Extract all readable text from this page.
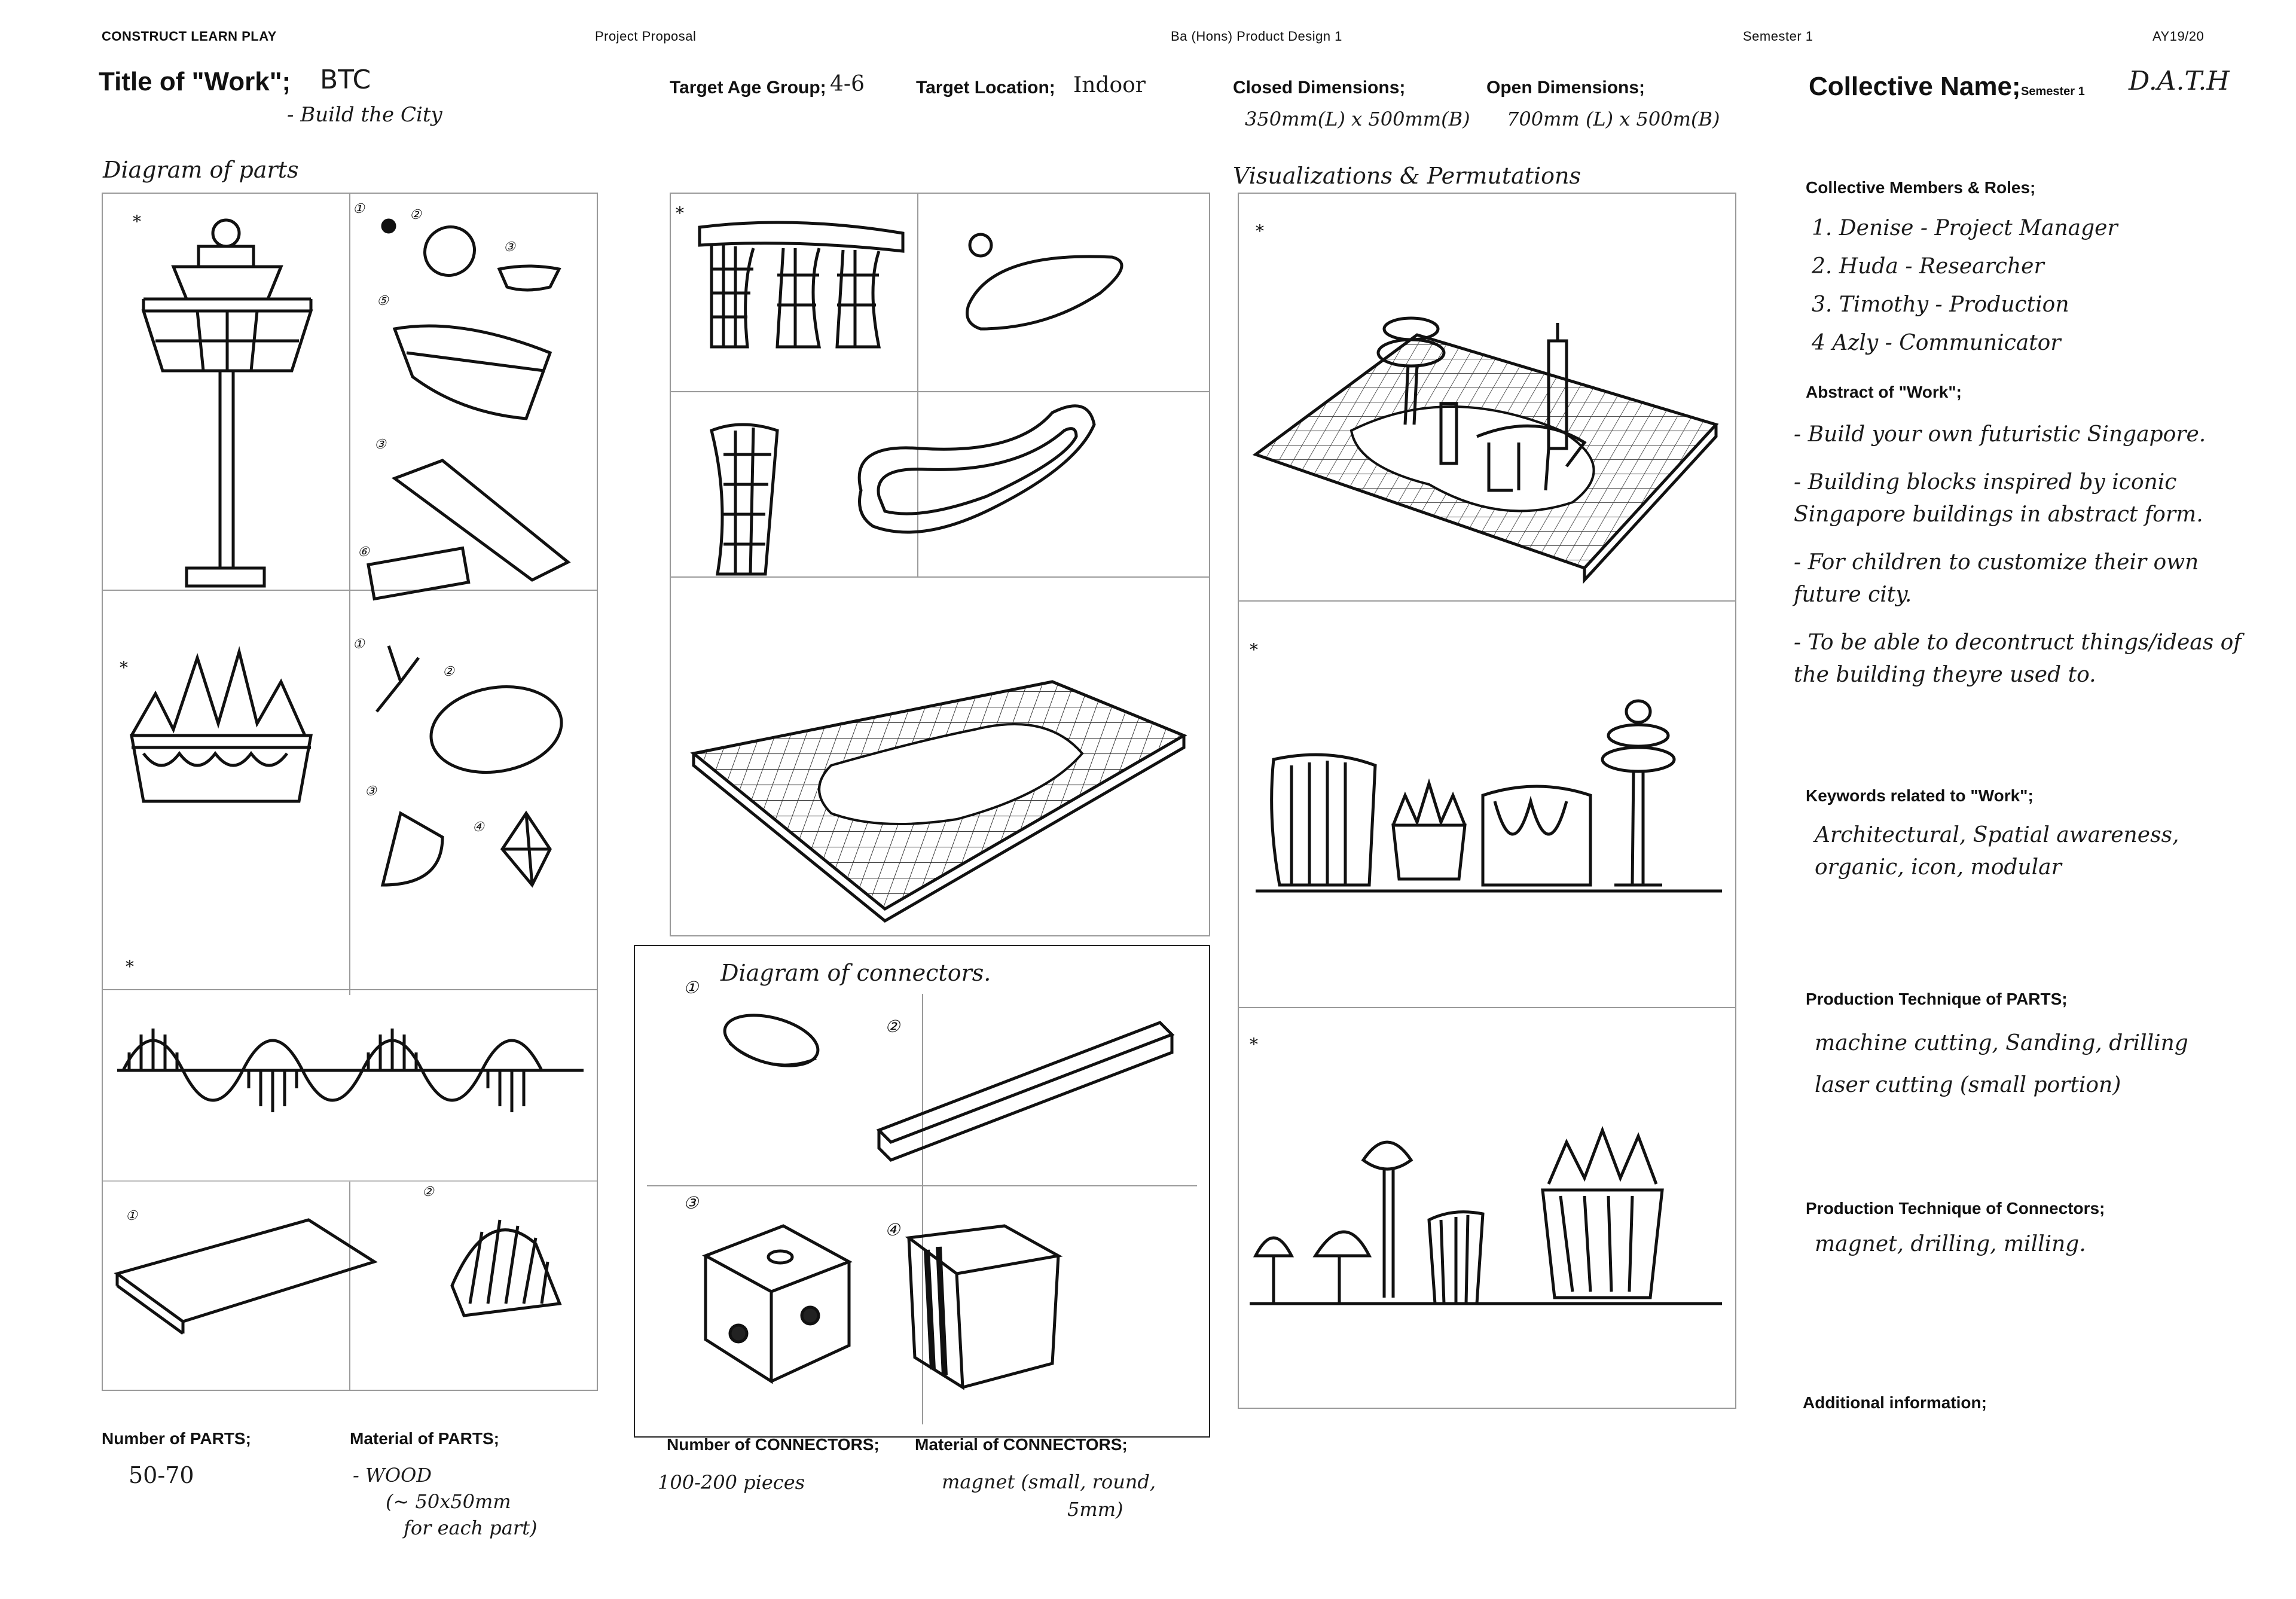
CONSTRUCT LEARN PLAY	Project Proposal	Ba (Hons) Product Design 1	Semester 1	AY19/20
Title of "Work"; BTC
- Build the City
Target Age Group; 4-6	Target Location; Indoor	Closed Dimensions;
350mm(L) x 500mm(B)
Open Dimensions;
700mm (L) x 500m(B)
Collective Name; Semester 1 D.A.T.H
Diagram of parts	Visualizations & Permutations
*
①	②
③
⑤
③
⑥
①
②
③
④
*
*
①
②
*
Diagram of connectors.
①
②
③
④
*
*
*
Collective Members & Roles;

1. Denise - Project Manager

2. Huda - Researcher

3. Timothy - Production

4 Azly - Communicator

Abstract of "Work";

- Build your own futuristic Singapore.

- Building blocks inspired by iconic Singapore buildings in abstract form.

- For children to customize their own future city.

- To be able to decontruct things/ideas of the building theyre used to.

Keywords related to "Work";
Architectural, Spatial awareness, organic, icon, modular
Production Technique of PARTS;
machine cutting, Sanding, drilling
laser cutting (small portion)
Production Technique of Connectors;
magnet, drilling, milling.
Additional information;
Number of PARTS;
50-70
Material of PARTS;
- WOOD
(~ 50x50mm
for each part)
Number of CONNECTORS;
100-200 pieces
Material of CONNECTORS;
magnet (small, round,
5mm)
